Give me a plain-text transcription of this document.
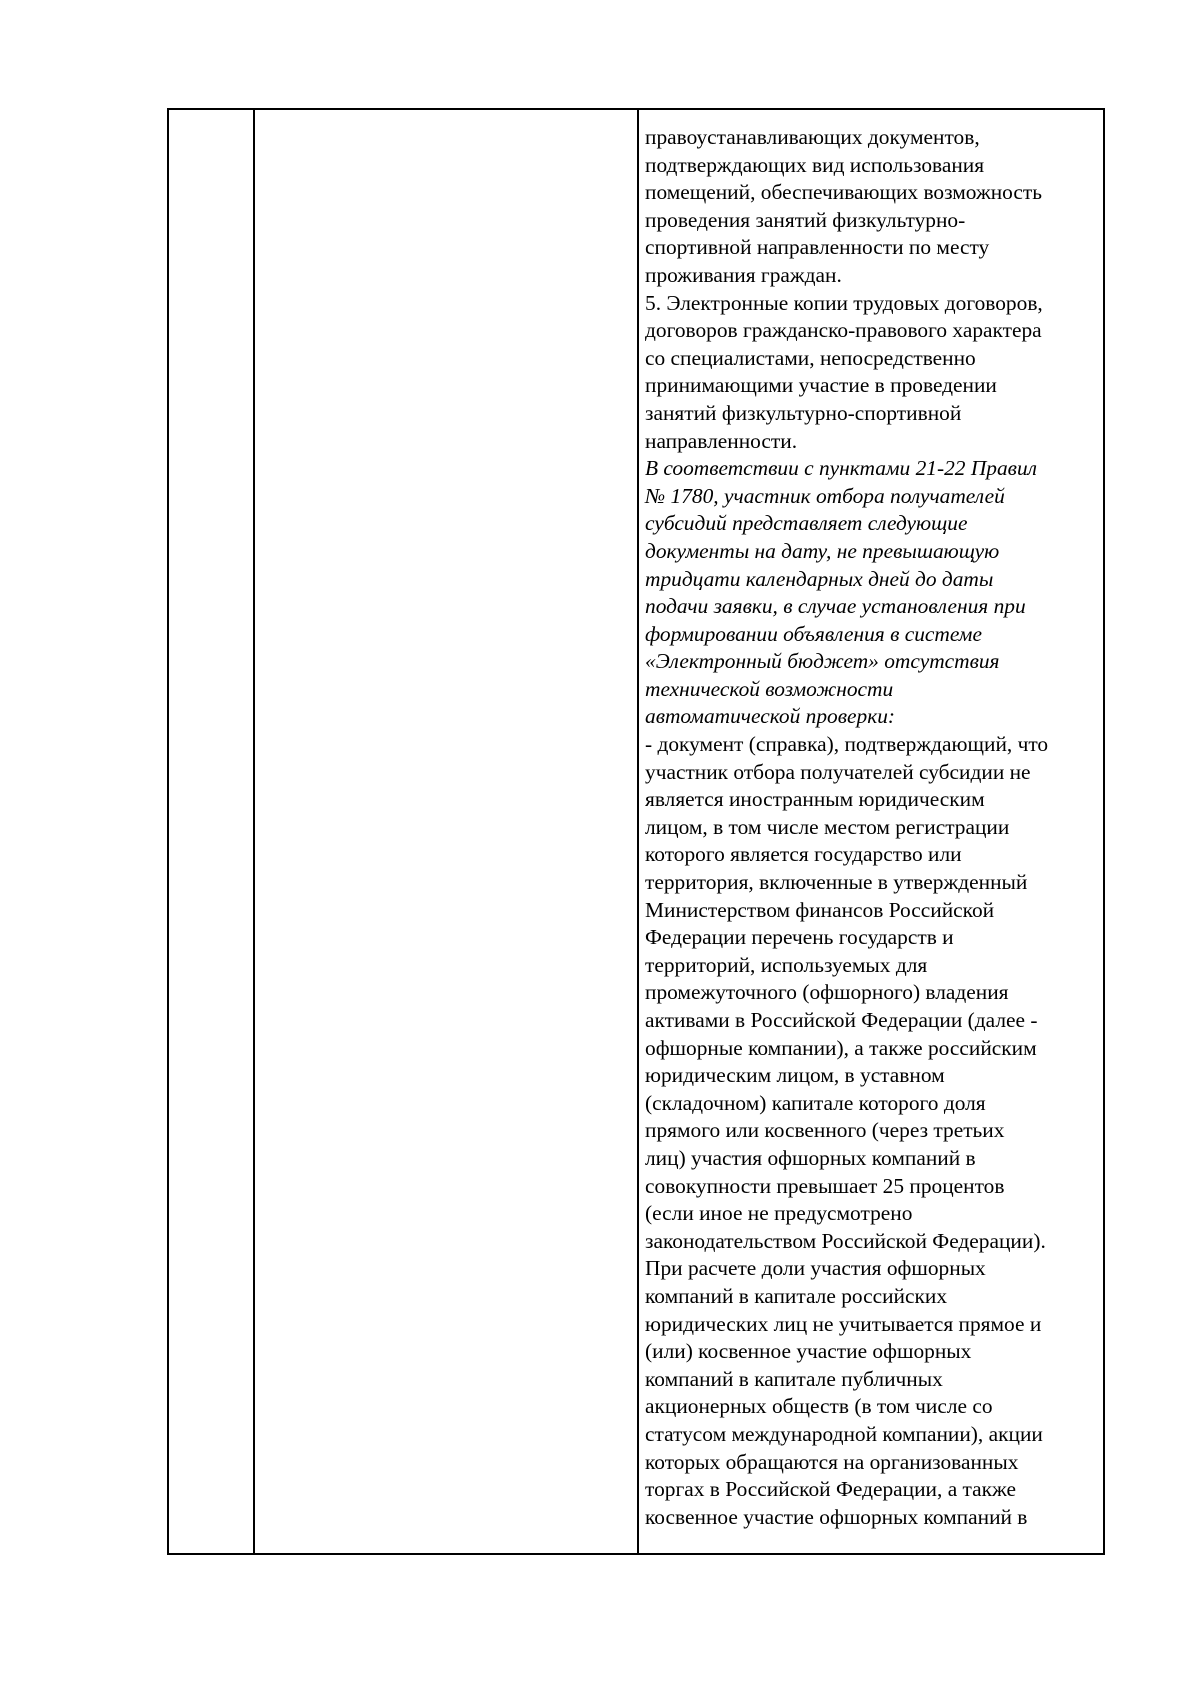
правоустанавливающих документов,
подтверждающих вид использования
помещений, обеспечивающих возможность
проведения занятий физкультурно-
спортивной направленности по месту
проживания граждан.
5. Электронные копии трудовых договоров,
договоров гражданско-правового характера
со специалистами, непосредственно
принимающими участие в проведении
занятий физкультурно-спортивной
направленности.
В соответствии с пунктами 21-22 Правил
№ 1780, участник отбора получателей
субсидий представляет следующие
документы на дату, не превышающую
тридцати календарных дней до даты
подачи заявки, в случае установления при
формировании объявления в системе
«Электронный бюджет» отсутствия
технической возможности
автоматической проверки:
- документ (справка), подтверждающий, что
участник отбора получателей субсидии не
является иностранным юридическим
лицом, в том числе местом регистрации
которого является государство или
территория, включенные в утвержденный
Министерством финансов Российской
Федерации перечень государств и
территорий, используемых для
промежуточного (офшорного) владения
активами в Российской Федерации (далее -
офшорные компании), а также российским
юридическим лицом, в уставном
(складочном) капитале которого доля
прямого или косвенного (через третьих
лиц) участия офшорных компаний в
совокупности превышает 25 процентов
(если иное не предусмотрено
законодательством Российской Федерации).
При расчете доли участия офшорных
компаний в капитале российских
юридических лиц не учитывается прямое и
(или) косвенное участие офшорных
компаний в капитале публичных
акционерных обществ (в том числе со
статусом международной компании), акции
которых обращаются на организованных
торгах в Российской Федерации, а также
косвенное участие офшорных компаний в
